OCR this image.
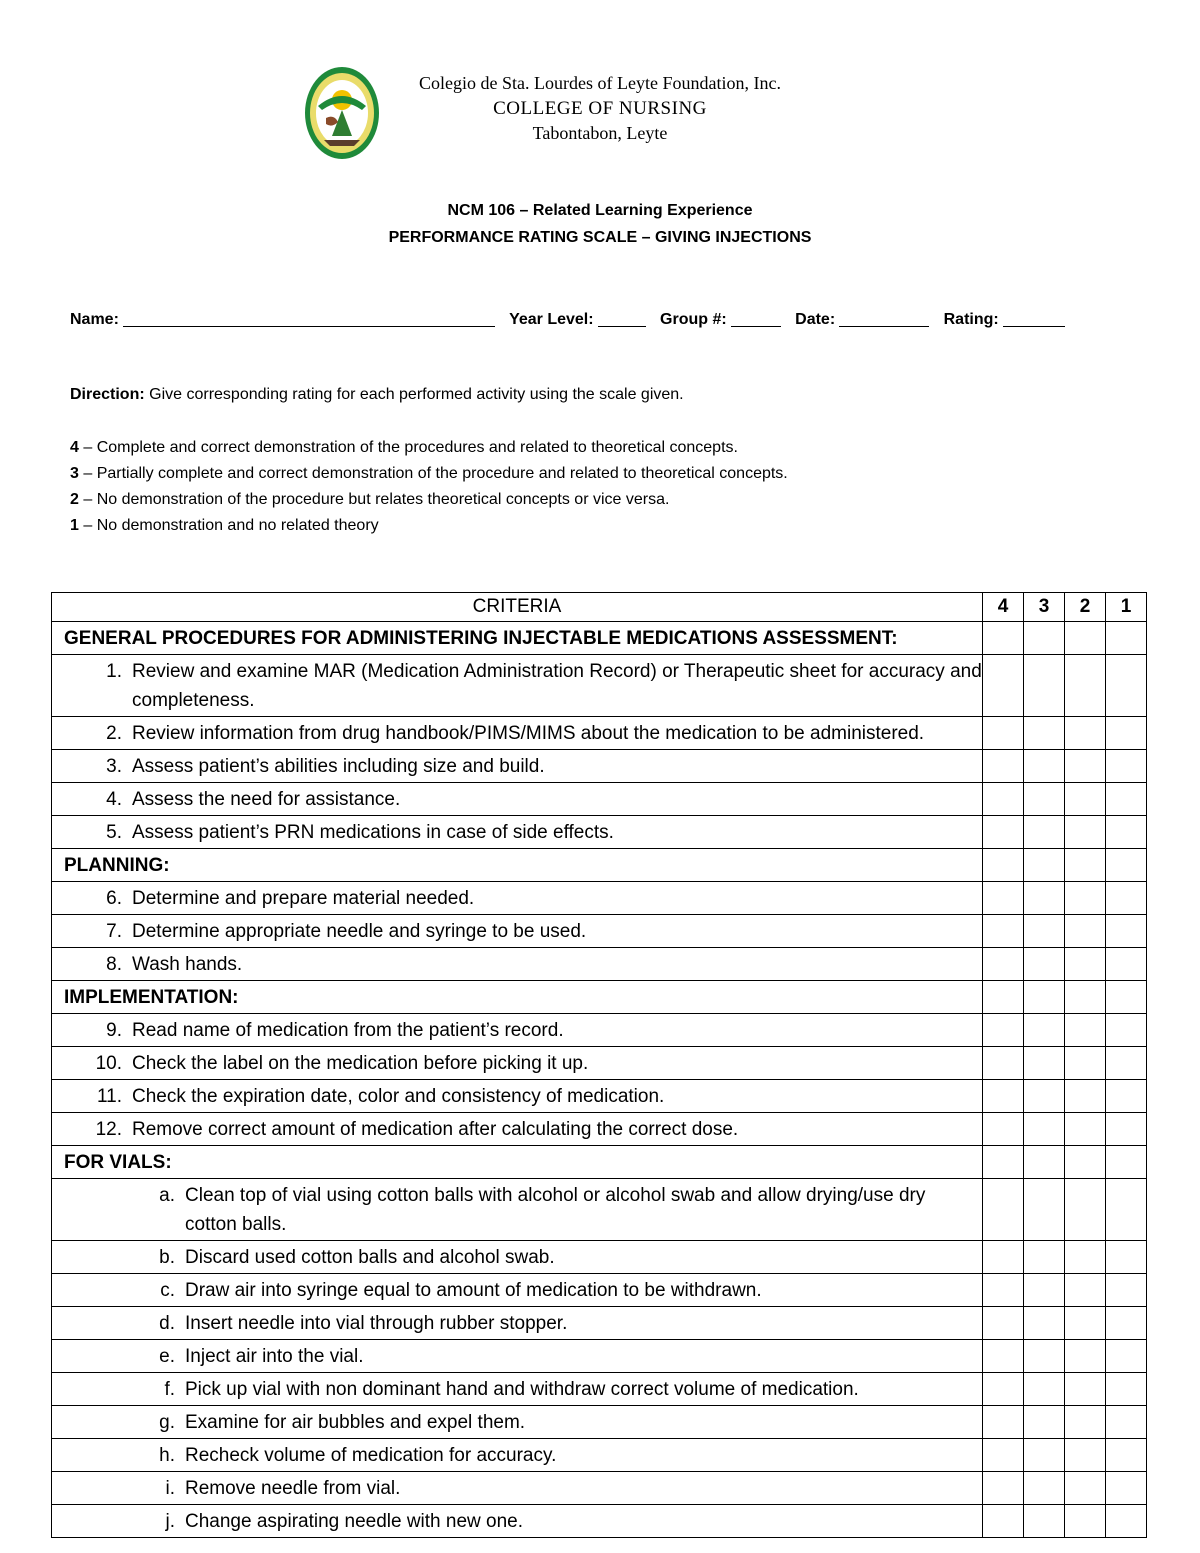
Colegio de Sta. Lourdes of Leyte Foundation, Inc.
COLLEGE OF NURSING
Tabontabon, Leyte
NCM 106 – Related Learning Experience
PERFORMANCE RATING SCALE – GIVING INJECTIONS
Name:	Year Level:	Group #:	Date:	Rating:
Direction: Give corresponding rating for each performed activity using the scale given.
4 – Complete and correct demonstration of the procedures and related to theoretical concepts.
3 – Partially complete and correct demonstration of the procedure and related to theoretical concepts.
2 – No demonstration of the procedure but relates theoretical concepts or vice versa.
1 – No demonstration and no related theory
CRITERIA	4	3	2	1
GENERAL PROCEDURES FOR ADMINISTERING INJECTABLE MEDICATIONS ASSESSMENT:				

1. Review and examine MAR (Medication Administration Record) or Therapeutic sheet for accuracy and completeness.				

2. Review information from drug handbook/PIMS/MIMS about the medication to be administered.				

3. Assess patient’s abilities including size and build.				

4. Assess the need for assistance.				

5. Assess patient’s PRN medications in case of side effects.				

PLANNING:				

6. Determine and prepare material needed.				

7. Determine appropriate needle and syringe to be used.				

8. Wash hands.				

IMPLEMENTATION:				

9. Read name of medication from the patient’s record.				

10. Check the label on the medication before picking it up.				

11. Check the expiration date, color and consistency of medication.				

12. Remove correct amount of medication after calculating the correct dose.				

FOR VIALS:				

a. Clean top of vial using cotton balls with alcohol or alcohol swab and allow drying/use dry cotton balls.				

b. Discard used cotton balls and alcohol swab.				

c. Draw air into syringe equal to amount of medication to be withdrawn.				

d. Insert needle into vial through rubber stopper.				

e. Inject air into the vial.				

f. Pick up vial with non dominant hand and withdraw correct volume of medication.				

g. Examine for air bubbles and expel them.				

h. Recheck volume of medication for accuracy.				

i. Remove needle from vial.				

j. Change aspirating needle with new one.				
